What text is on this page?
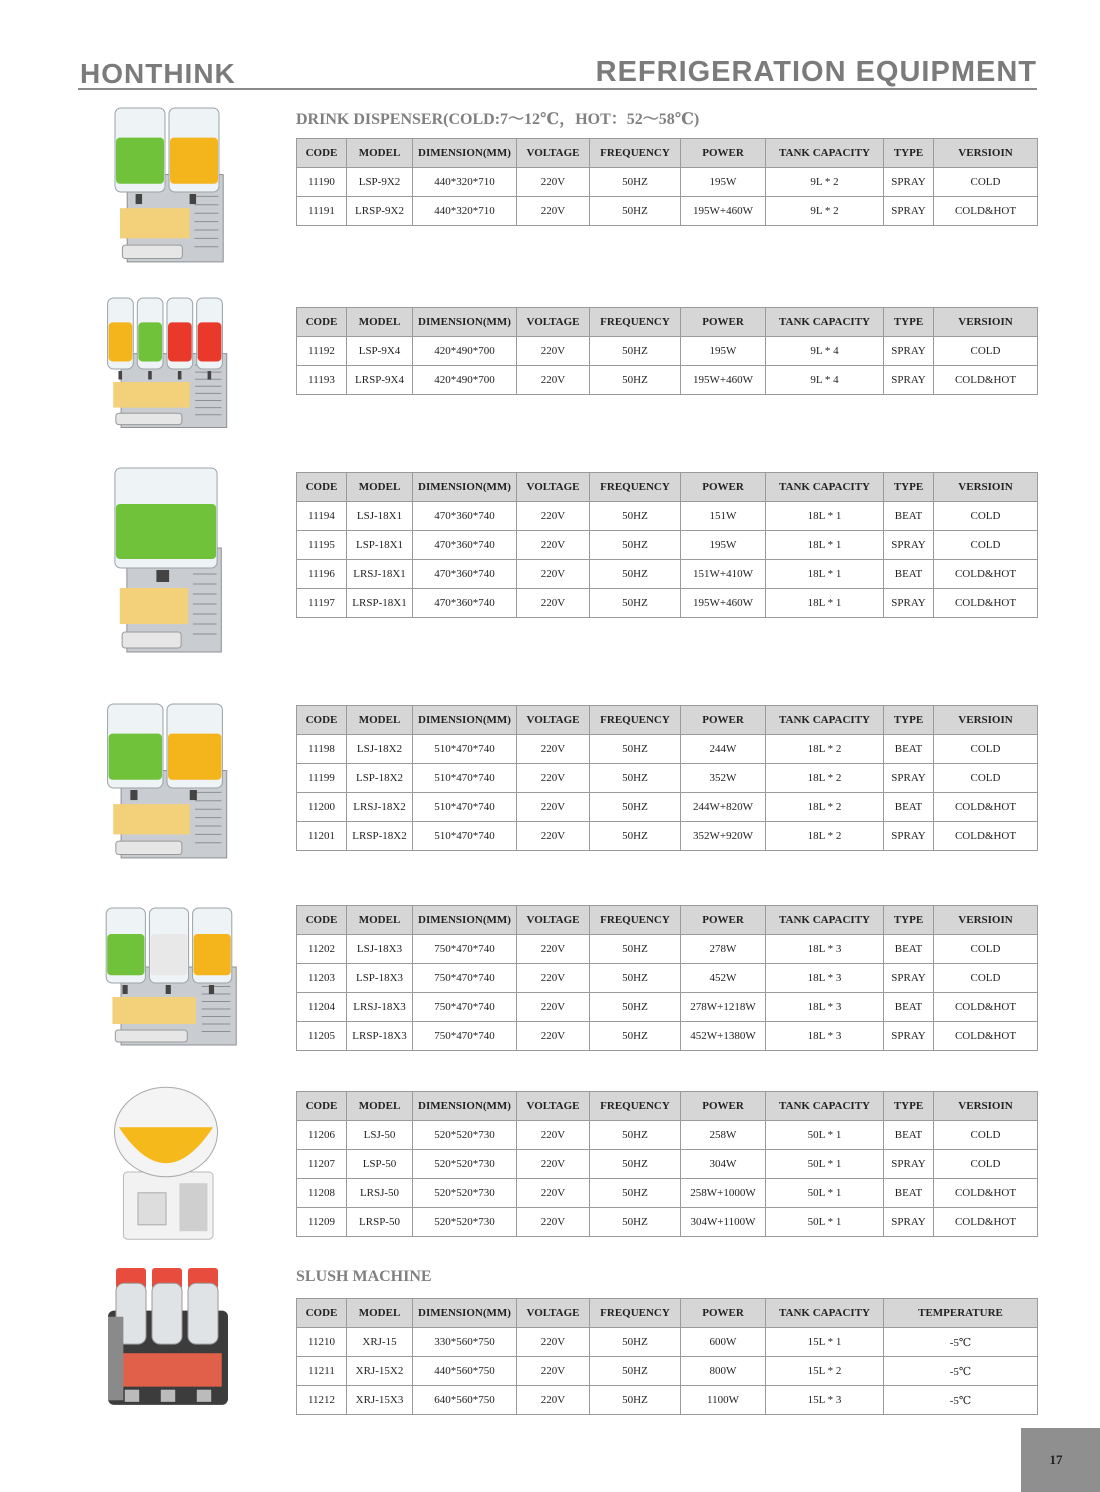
HONTHINK	REFRIGERATION EQUIPMENT
DRINK DISPENSER(COLD:7～12℃，HOT：52～58℃)
SLUSH MACHINE
CODE	MODEL	DIMENSION(MM)	VOLTAGE	FREQUENCY	POWER	TANK CAPACITY	TYPE	VERSIOIN
11190	LSP-9X2	440*320*710	220V	50HZ	195W	9L * 2	SPRAY	COLD
11191	LRSP-9X2	440*320*710	220V	50HZ	195W+460W	9L * 2	SPRAY	COLD&HOT
CODE	MODEL	DIMENSION(MM)	VOLTAGE	FREQUENCY	POWER	TANK CAPACITY	TYPE	VERSIOIN
11192	LSP-9X4	420*490*700	220V	50HZ	195W	9L * 4	SPRAY	COLD
11193	LRSP-9X4	420*490*700	220V	50HZ	195W+460W	9L * 4	SPRAY	COLD&HOT
CODE	MODEL	DIMENSION(MM)	VOLTAGE	FREQUENCY	POWER	TANK CAPACITY	TYPE	VERSIOIN
11194	LSJ-18X1	470*360*740	220V	50HZ	151W	18L * 1	BEAT	COLD
11195	LSP-18X1	470*360*740	220V	50HZ	195W	18L * 1	SPRAY	COLD
11196	LRSJ-18X1	470*360*740	220V	50HZ	151W+410W	18L * 1	BEAT	COLD&HOT
11197	LRSP-18X1	470*360*740	220V	50HZ	195W+460W	18L * 1	SPRAY	COLD&HOT
CODE	MODEL	DIMENSION(MM)	VOLTAGE	FREQUENCY	POWER	TANK CAPACITY	TYPE	VERSIOIN
11198	LSJ-18X2	510*470*740	220V	50HZ	244W	18L * 2	BEAT	COLD
11199	LSP-18X2	510*470*740	220V	50HZ	352W	18L * 2	SPRAY	COLD
11200	LRSJ-18X2	510*470*740	220V	50HZ	244W+820W	18L * 2	BEAT	COLD&HOT
11201	LRSP-18X2	510*470*740	220V	50HZ	352W+920W	18L * 2	SPRAY	COLD&HOT
CODE	MODEL	DIMENSION(MM)	VOLTAGE	FREQUENCY	POWER	TANK CAPACITY	TYPE	VERSIOIN
11202	LSJ-18X3	750*470*740	220V	50HZ	278W	18L * 3	BEAT	COLD
11203	LSP-18X3	750*470*740	220V	50HZ	452W	18L * 3	SPRAY	COLD
11204	LRSJ-18X3	750*470*740	220V	50HZ	278W+1218W	18L * 3	BEAT	COLD&HOT
11205	LRSP-18X3	750*470*740	220V	50HZ	452W+1380W	18L * 3	SPRAY	COLD&HOT
CODE	MODEL	DIMENSION(MM)	VOLTAGE	FREQUENCY	POWER	TANK CAPACITY	TYPE	VERSIOIN
11206	LSJ-50	520*520*730	220V	50HZ	258W	50L * 1	BEAT	COLD
11207	LSP-50	520*520*730	220V	50HZ	304W	50L * 1	SPRAY	COLD
11208	LRSJ-50	520*520*730	220V	50HZ	258W+1000W	50L * 1	BEAT	COLD&HOT
11209	LRSP-50	520*520*730	220V	50HZ	304W+1100W	50L * 1	SPRAY	COLD&HOT
CODE	MODEL	DIMENSION(MM)	VOLTAGE	FREQUENCY	POWER	TANK CAPACITY	TEMPERATURE
11210	XRJ-15	330*560*750	220V	50HZ	600W	15L * 1	-5℃
11211	XRJ-15X2	440*560*750	220V	50HZ	800W	15L * 2	-5℃
11212	XRJ-15X3	640*560*750	220V	50HZ	1100W	15L * 3	-5℃
17
